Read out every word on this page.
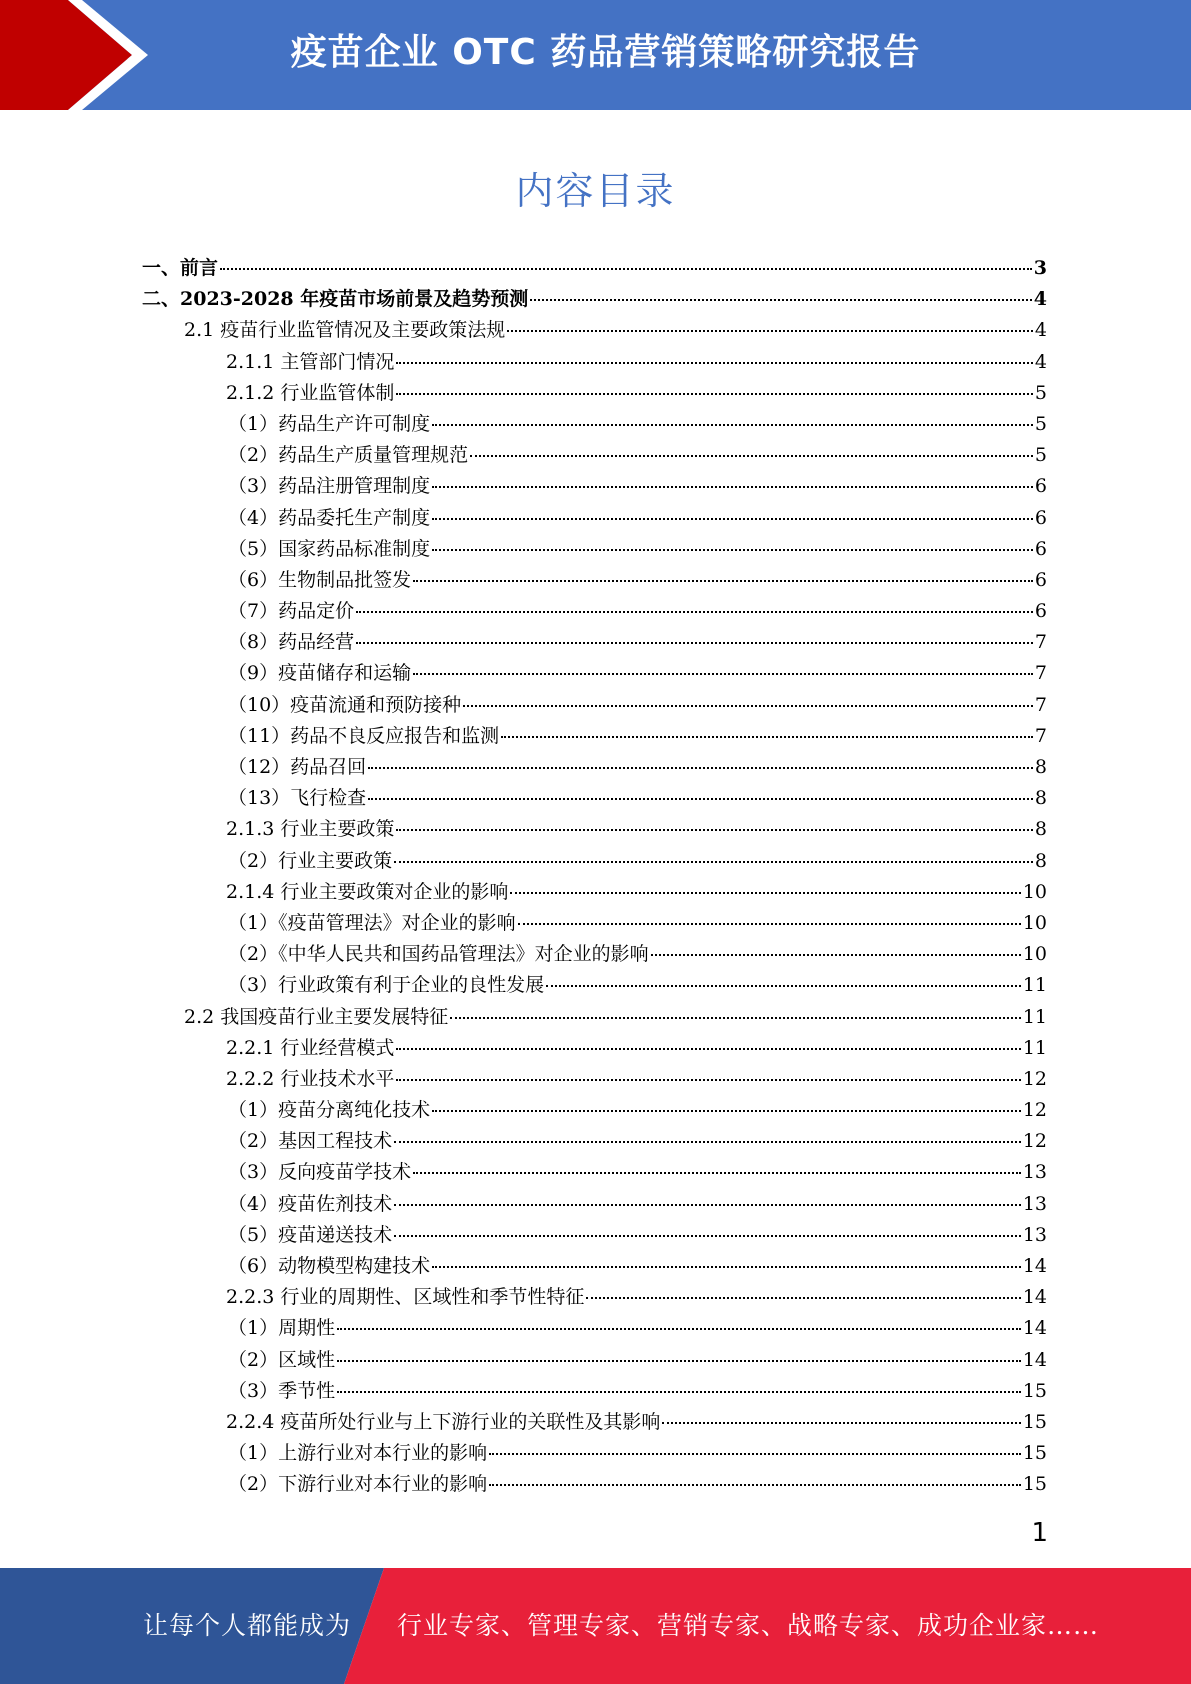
疫苗企业 OTC 药品营销策略研究报告
内容目录
一、前言	3
二、2023-2028 年疫苗市场前景及趋势预测	4
2.1 疫苗行业监管情况及主要政策法规	4
2.1.1 主管部门情况	4
2.1.2 行业监管体制	5
（1）药品生产许可制度	5
（2）药品生产质量管理规范	5
（3）药品注册管理制度	6
（4）药品委托生产制度	6
（5）国家药品标准制度	6
（6）生物制品批签发	6
（7）药品定价	6
（8）药品经营	7
（9）疫苗储存和运输	7
（10）疫苗流通和预防接种	7
（11）药品不良反应报告和监测	7
（12）药品召回	8
（13）飞行检查	8
2.1.3 行业主要政策	8
（2）行业主要政策	8
2.1.4 行业主要政策对企业的影响	10
（1）《疫苗管理法》对企业的影响	10
（2）《中华人民共和国药品管理法》对企业的影响	10
（3）行业政策有利于企业的良性发展	11
2.2 我国疫苗行业主要发展特征	11
2.2.1 行业经营模式	11
2.2.2 行业技术水平	12
（1）疫苗分离纯化技术	12
（2）基因工程技术	12
（3）反向疫苗学技术	13
（4）疫苗佐剂技术	13
（5）疫苗递送技术	13
（6）动物模型构建技术	14
2.2.3 行业的周期性、区域性和季节性特征	14
（1）周期性	14
（2）区域性	14
（3）季节性	15
2.2.4 疫苗所处行业与上下游行业的关联性及其影响	15
（1）上游行业对本行业的影响	15
（2）下游行业对本行业的影响	15
1
让每个人都能成为 行业专家、管理专家、营销专家、战略专家、成功企业家……
